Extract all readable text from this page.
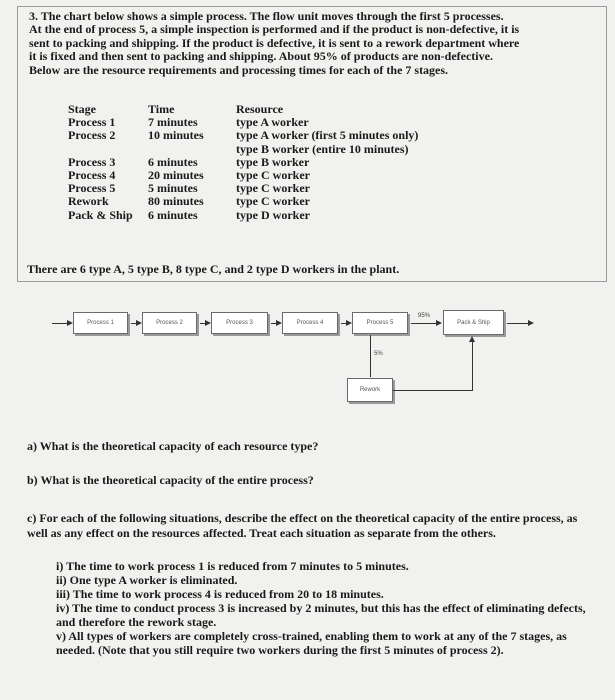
3. The chart below shows a simple process. The flow unit moves through the first 5 processes.

At the end of process 5, a simple inspection is performed and if the product is non-defective, it is

sent to packing and shipping. If the product is defective, it is sent to a rework department where

it is fixed and then sent to packing and shipping. About 95% of products are non-defective.

Below are the resource requirements and processing times for each of the 7 stages.

Stage	Time	Resource
Process 1	7 minutes	type A worker
Process 2	10 minutes	type A worker (first 5 minutes only)
		type B worker (entire 10 minutes)
Process 3	6 minutes	type B worker
Process 4	20 minutes	type C worker
Process 5	5 minutes	type C worker
Rework	80 minutes	type C worker
Pack & Ship	6 minutes	type D worker

There are 6 type A, 5 type B, 8 type C, and 2 type D workers in the plant.

Process 1	Process 2	Process 3	Process 4	Process 5
95%
Pack & Ship
5%
Rework

a) What is the theoretical capacity of each resource type?

b) What is the theoretical capacity of the entire process?

c) For each of the following situations, describe the effect on the theoretical capacity of the entire process, as well as any effect on the resources affected. Treat each situation as separate from the others.

i) The time to work process 1 is reduced from 7 minutes to 5 minutes.
ii) One type A worker is eliminated.
iii) The time to work process 4 is reduced from 20 to 18 minutes.
iv) The time to conduct process 3 is increased by 2 minutes, but this has the effect of eliminating defects, and therefore the rework stage.
v) All types of workers are completely cross-trained, enabling them to work at any of the 7 stages, as needed. (Note that you still require two workers during the first 5 minutes of process 2).
